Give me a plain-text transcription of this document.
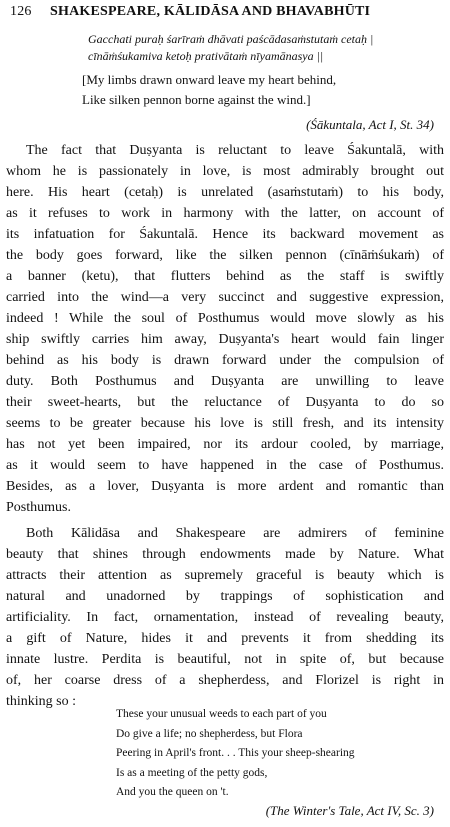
126 SHAKESPEARE, KĀLIDĀSA AND BHAVABHŪTI
Gacchati puraḥ śarīraṁ dhāvati paścādasaṁstutaṁ cetaḥ |
cīnāṁśukamiva ketoḥ prativātaṁ nīyamānasya ||
[My limbs drawn onward leave my heart behind,
Like silken pennon borne against the wind.]
(Śākuntala, Act I, St. 34)
The fact that Duṣyanta is reluctant to leave Śakuntalā, with
whom he is passionately in love, is most admirably brought out
here. His heart (cetaḥ) is unrelated (asaṁstutaṁ) to his body,
as it refuses to work in harmony with the latter, on account of
its infatuation for Śakuntalā. Hence its backward movement as
the body goes forward, like the silken pennon (cīnāṁśukaṁ) of
a banner (ketu), that flutters behind as the staff is swiftly
carried into the wind—a very succinct and suggestive expression,
indeed ! While the soul of Posthumus would move slowly as his
ship swiftly carries him away, Duṣyanta's heart would fain linger
behind as his body is drawn forward under the compulsion of
duty. Both Posthumus and Duṣyanta are unwilling to leave
their sweet-hearts, but the reluctance of Duṣyanta to do so
seems to be greater because his love is still fresh, and its intensity
has not yet been impaired, nor its ardour cooled, by marriage,
as it would seem to have happened in the case of Posthumus.
Besides, as a lover, Duṣyanta is more ardent and romantic than
Posthumus.
Both Kālidāsa and Shakespeare are admirers of feminine
beauty that shines through endowments made by Nature. What
attracts their attention as supremely graceful is beauty which is
natural and unadorned by trappings of sophistication and
artificiality. In fact, ornamentation, instead of revealing beauty,
a gift of Nature, hides it and prevents it from shedding its
innate lustre. Perdita is beautiful, not in spite of, but because
of, her coarse dress of a shepherdess, and Florizel is right in
thinking so :
These your unusual weeds to each part of you
Do give a life; no shepherdess, but Flora
Peering in April's front. . . This your sheep-shearing
Is as a meeting of the petty gods,
And you the queen on 't.
(The Winter's Tale, Act IV, Sc. 3)
